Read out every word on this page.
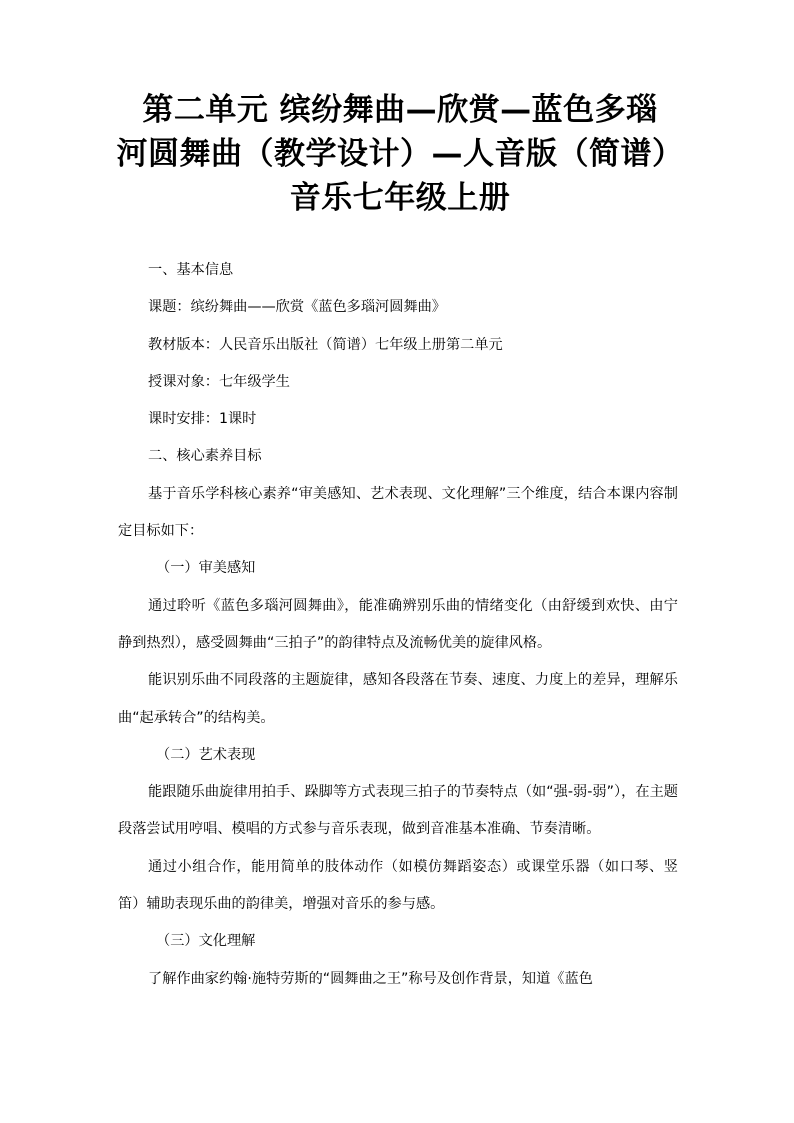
第二单元 缤纷舞曲—欣赏—蓝色多瑙
河圆舞曲（教学设计）—人音版（简谱）
音乐七年级上册

一、基本信息

课题：缤纷舞曲——欣赏《蓝色多瑙河圆舞曲》

教材版本：人民音乐出版社（简谱）七年级上册第二单元

授课对象：七年级学生

课时安排：1课时

二、核心素养目标

基于音乐学科核心素养“审美感知、艺术表现、文化理解”三个维度，结合本课内容制定目标如下：

（一）审美感知

通过聆听《蓝色多瑙河圆舞曲》，能准确辨别乐曲的情绪变化（由舒缓到欢快、由宁静到热烈），感受圆舞曲“三拍子”的韵律特点及流畅优美的旋律风格。

能识别乐曲不同段落的主题旋律，感知各段落在节奏、速度、力度上的差异，理解乐曲“起承转合”的结构美。

（二）艺术表现

能跟随乐曲旋律用拍手、跺脚等方式表现三拍子的节奏特点（如“强-弱-弱”），在主题段落尝试用哼唱、模唱的方式参与音乐表现，做到音准基本准确、节奏清晰。

通过小组合作，能用简单的肢体动作（如模仿舞蹈姿态）或课堂乐器（如口琴、竖笛）辅助表现乐曲的韵律美，增强对音乐的参与感。

（三）文化理解

了解作曲家约翰·施特劳斯的“圆舞曲之王”称号及创作背景，知道《蓝色
